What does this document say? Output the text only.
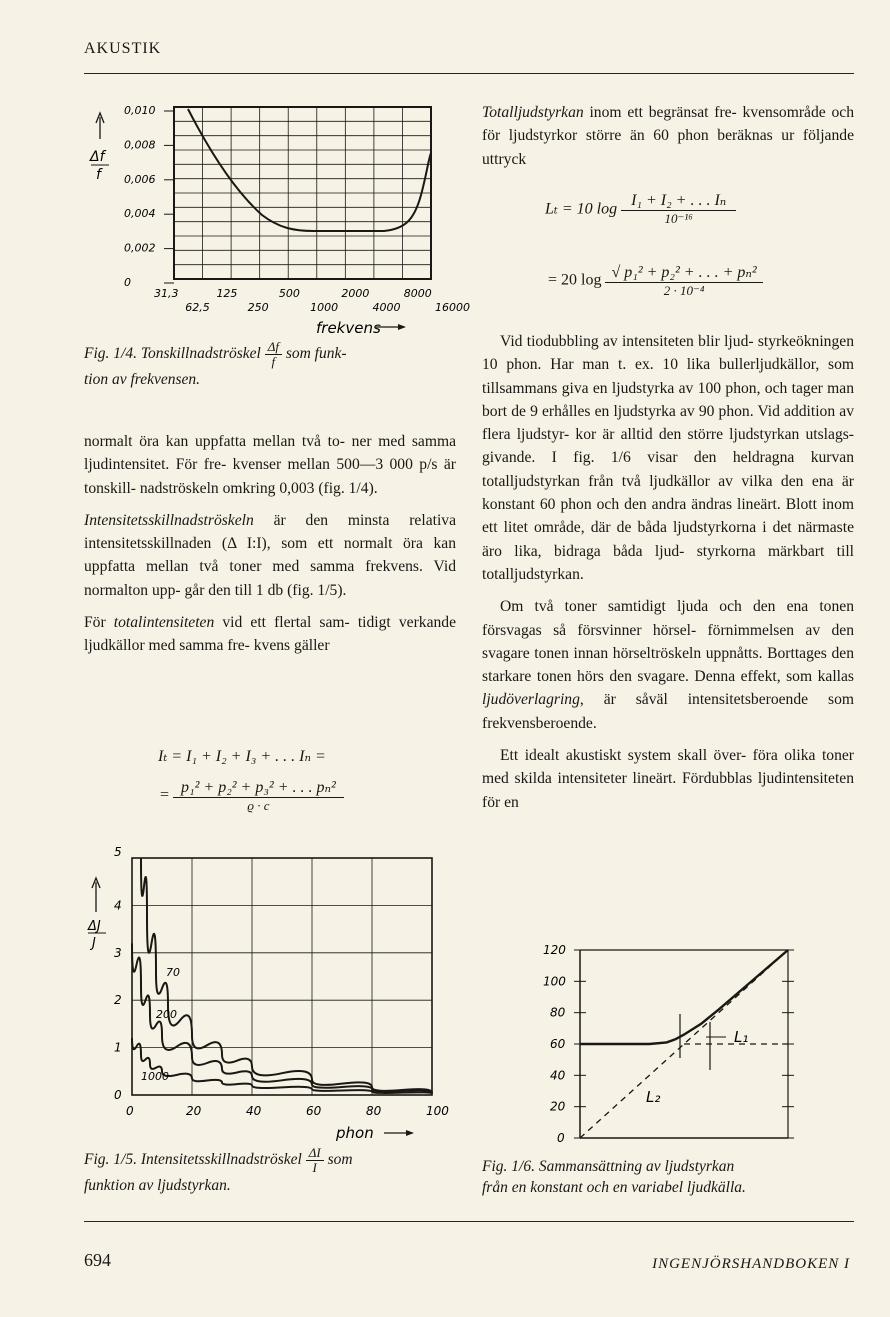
AKUSTIK
Δf
f
0,010
0,008
0,006
0,004
0,002
0
31,3	125	500	2000	8000
62,5	250	1000	4000	16000
frekvens
Fig. 1/4. Tonskillnadströskel $\frac{\Delta f}{f}$ som funk-
tion av frekvensen.

normalt öra kan uppfatta mellan två to- ner med samma ljudintensitet. För fre- kvenser mellan 500—3 000 p/s är tonskill- nadströskeln omkring 0,003 (fig. 1/4).

Intensitetsskillnadströskeln är den minsta relativa intensitetsskillnaden (Δ I:I), som ett normalt öra kan uppfatta mellan två toner med samma frekvens. Vid normalton upp- går den till 1 db (fig. 1/5).

För totalintensiteten vid ett flertal sam- tidigt verkande ljudkällor med samma fre- kvens gäller

Iₜ = I₁ + I₂ + I₃ + . . . Iₙ =
= $\frac{\text{p₁² + p₂² + p₃² + . . . pₙ²}}{ϱ \cdot c}$
ΔJ
J
5
4
3
2
1
0
0	20	40	60	80	100
70
200
1000
phon
Fig. 1/5. Intensitetsskillnadströskel $\frac{\Delta I}{I}$ som
funktion av ljudstyrkan.

Totalljudstyrkan inom ett begränsat fre- kvensområde och för ljudstyrkor större än 60 phon beräknas ur följande uttryck

Lₜ = 10 $\log \frac{\text{I₁ + I₂ + . . . Iₙ}}{\text{10⁻¹⁶}}$
= 20 $\log \frac{\text{√ p₁² + p₂² + . . . + pₙ²}}{\text{2 · 10⁻⁴}}$

Vid tiodubbling av intensiteten blir ljud- styrkeökningen 10 phon. Har man t. ex. 10 lika bullerljudkällor, som tillsammans giva en ljudstyrka av 100 phon, och tager man bort de 9 erhålles en ljudstyrka av 90 phon. Vid addition av flera ljudstyr- kor är alltid den större ljudstyrkan utslags- givande. I fig. 1/6 visar den heldragna kurvan totalljudstyrkan från två ljudkällor av vilka den ena är konstant 60 phon och den andra ändras lineärt. Blott inom ett litet område, där de båda ljudstyrkorna i det närmaste äro lika, bidraga båda ljud- styrkorna märkbart till totalljudstyrkan.

Om två toner samtidigt ljuda och den ena tonen försvagas så försvinner hörsel- förnimmelsen av den svagare tonen innan hörseltröskeln uppnåtts. Borttages den starkare tonen hörs den svagare. Denna effekt, som kallas ljudöverlagring, är såväl intensitetsberoende som frekvensberoende.

Ett idealt akustiskt system skall över- föra olika toner med skilda intensiteter lineärt. Fördubblas ljudintensiteten för en

120
100
80
60
40
20
0
L₁
L₂
Fig. 1/6. Sammansättning av ljudstyrkan
från en konstant och en variabel ljudkälla.
694	INGENJÖRSHANDBOKEN I
